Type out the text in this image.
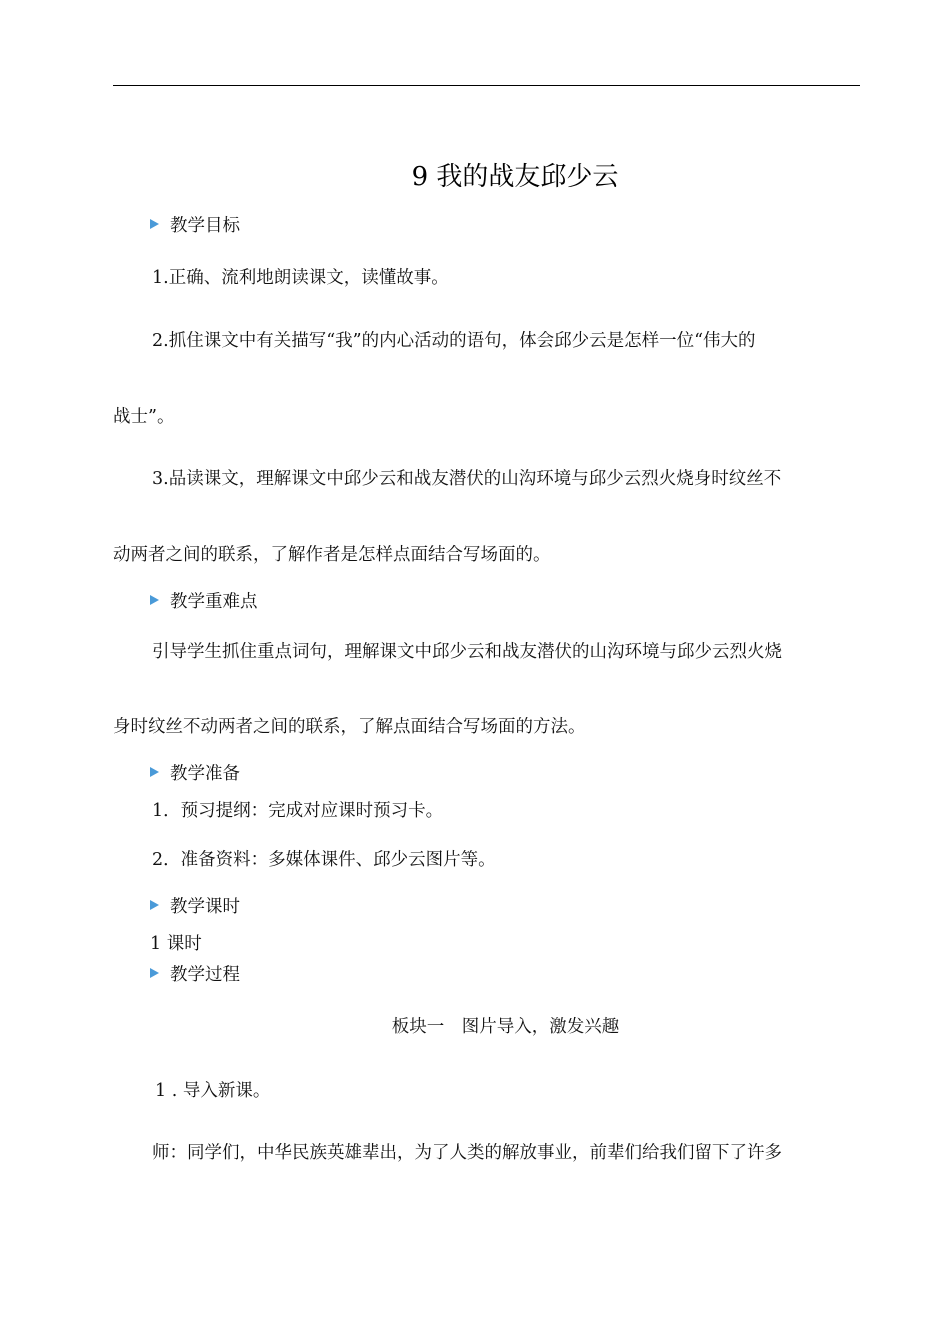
9 我的战友邱少云
教学目标
1.正确、流利地朗读课文，读懂故事。
2.抓住课文中有关描写“我”的内心活动的语句，体会邱少云是怎样一位“伟大的
战士”。
3.品读课文，理解课文中邱少云和战友潜伏的山沟环境与邱少云烈火烧身时纹丝不
动两者之间的联系，了解作者是怎样点面结合写场面的。
教学重难点
引导学生抓住重点词句，理解课文中邱少云和战友潜伏的山沟环境与邱少云烈火烧
身时纹丝不动两者之间的联系，了解点面结合写场面的方法。
教学准备
1．预习提纲：完成对应课时预习卡。
2．准备资料：多媒体课件、邱少云图片等。
教学课时
1 课时
教学过程
板块一　图片导入，激发兴趣
1 . 导入新课。
师：同学们，中华民族英雄辈出，为了人类的解放事业，前辈们给我们留下了许多
